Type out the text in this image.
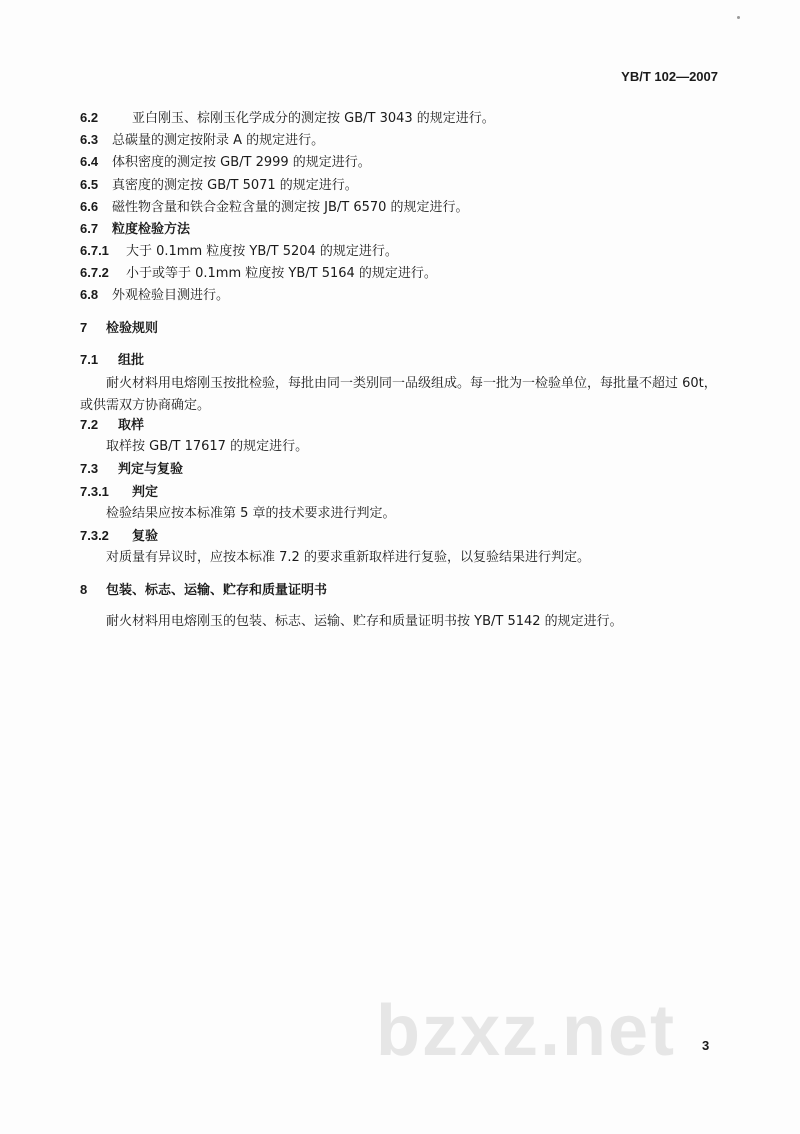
YB/T 102—2007
6.2	亚白刚玉、棕刚玉化学成分的测定按 GB/T 3043 的规定进行。
6.3 总碳量的测定按附录 A 的规定进行。
6.4 体积密度的测定按 GB/T 2999 的规定进行。
6.5 真密度的测定按 GB/T 5071 的规定进行。
6.6 磁性物含量和铁合金粒含量的测定按 JB/T 6570 的规定进行。
6.7 粒度检验方法
6.7.1 大于 0.1mm 粒度按 YB/T 5204 的规定进行。
6.7.2 小于或等于 0.1mm 粒度按 YB/T 5164 的规定进行。
6.8 外观检验目测进行。
7 检验规则
7.1 组批
耐火材料用电熔刚玉按批检验，每批由同一类别同一品级组成。每一批为一检验单位，每批量不超过 60t，或供需双方协商确定。
7.2 取样
取样按 GB/T 17617 的规定进行。
7.3 判定与复验
7.3.1 判定
检验结果应按本标准第 5 章的技术要求进行判定。
7.3.2 复验
对质量有异议时，应按本标准 7.2 的要求重新取样进行复验，以复验结果进行判定。
8 包装、标志、运输、贮存和质量证明书
耐火材料用电熔刚玉的包装、标志、运输、贮存和质量证明书按 YB/T 5142 的规定进行。
bzxz.net 3
